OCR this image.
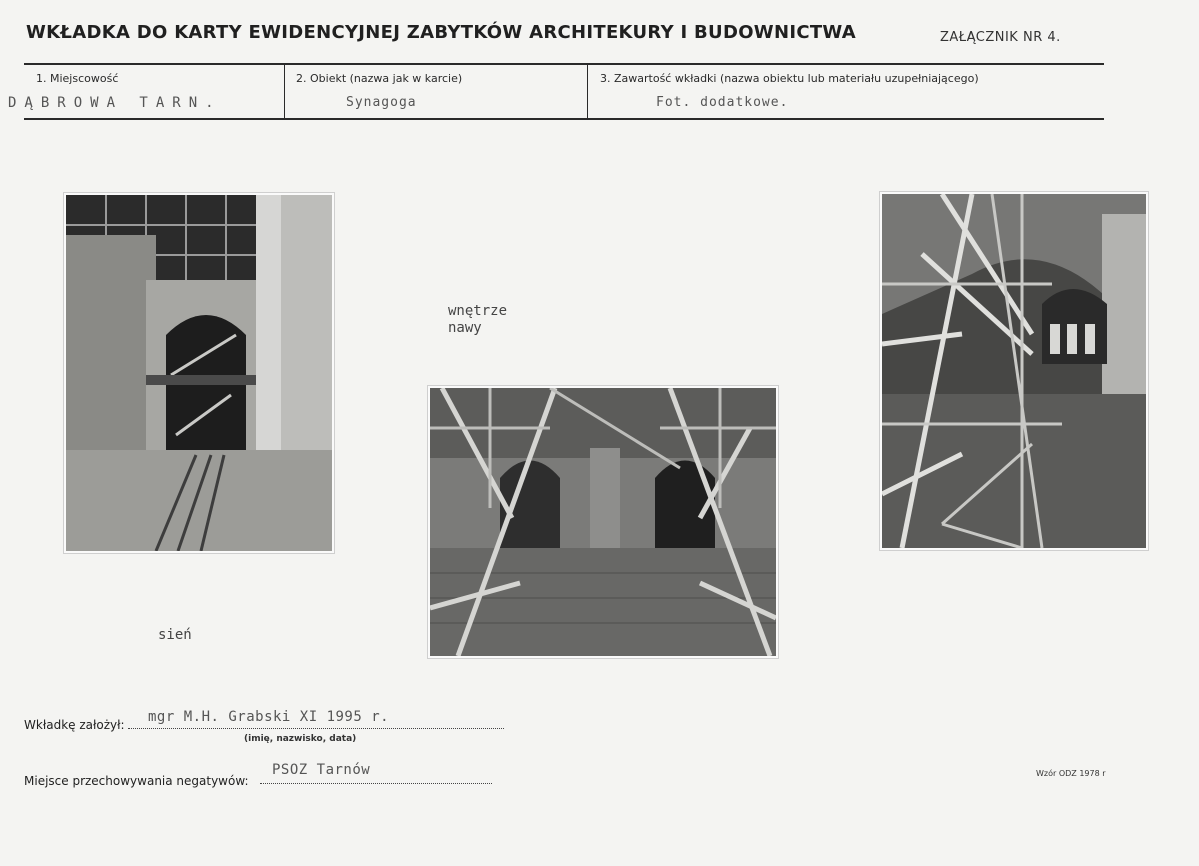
WKŁADKA DO KARTY EWIDENCYJNEJ ZABYTKÓW ARCHITEKURY I BUDOWNICTWA	ZAŁĄCZNIK NR 4.
1. Miejscowość
DĄBROWA TARN.
2. Obiekt (nazwa jak w karcie)
Synagoga
3. Zawartość wkładki (nazwa obiektu lub materiału uzupełniającego)
Fot. dodatkowe.
wnętrze nawy
sień
Wkładkę założył: mgr M.H. Grabski XI 1995 r.
(imię, nazwisko, data)
Miejsce przechowywania negatywów:
PSOZ Tarnów	Wzór ODZ 1978 r
